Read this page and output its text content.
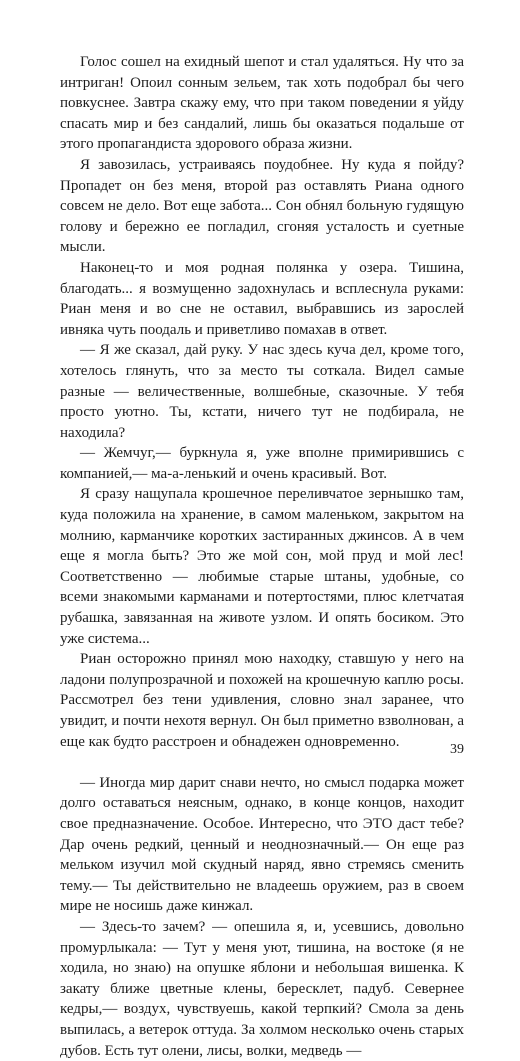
Голос сошел на ехидный шепот и стал удаляться. Ну что за интриган! Опоил сонным зельем, так хоть подобрал бы чего повкуснее. Завтра скажу ему, что при таком поведении я уйду спасать мир и без сандалий, лишь бы оказаться подальше от этого пропагандиста здорового образа жизни.

Я завозилась, устраиваясь поудобнее. Ну куда я пойду? Пропадет он без меня, второй раз оставлять Риана одного совсем не дело. Вот еще забота... Сон обнял больную гудящую голову и бережно ее погладил, сгоняя усталость и суетные мысли.

Наконец-то и моя родная полянка у озера. Тишина, благодать... я возмущенно задохнулась и всплеснула руками: Риан меня и во сне не оставил, выбравшись из зарослей ивняка чуть поодаль и приветливо помахав в ответ.

— Я же сказал, дай руку. У нас здесь куча дел, кроме того, хотелось глянуть, что за место ты соткала. Видел самые разные — величественные, волшебные, сказочные. У тебя просто уютно. Ты, кстати, ничего тут не подбирала, не находила?

— Жемчуг,— буркнула я, уже вполне примирившись с компанией,— ма-а-ленький и очень красивый. Вот.

Я сразу нащупала крошечное переливчатое зернышко там, куда положила на хранение, в самом маленьком, закрытом на молнию, карманчике коротких застиранных джинсов. А в чем еще я могла быть? Это же мой сон, мой пруд и мой лес! Соответственно — любимые старые штаны, удобные, со всеми знакомыми карманами и потертостями, плюс клетчатая рубашка, завязанная на животе узлом. И опять босиком. Это уже система...

Риан осторожно принял мою находку, ставшую у него на ладони полупрозрачной и похожей на крошечную каплю росы. Рассмотрел без тени удивления, словно знал заранее, что увидит, и почти нехотя вернул. Он был приметно взволнован, а еще как будто расстроен и обнадежен одновременно.

— Иногда мир дарит снави нечто, но смысл подарка может долго оставаться неясным, однако, в конце концов, находит свое предназначение. Особое. Интересно, что ЭТО даст тебе? Дар очень редкий, ценный и неоднозначный.— Он еще раз мельком изучил мой скудный наряд, явно стремясь сменить тему.— Ты действительно не владеешь оружием, раз в своем мире не носишь даже кинжал.

— Здесь-то зачем? — опешила я, и, усевшись, довольно промурлыкала: — Тут у меня уют, тишина, на востоке (я не ходила, но знаю) на опушке яблони и небольшая вишенка. К закату ближе цветные клены, бересклет, падуб. Севернее кедры,— воздух, чувствуешь, какой терпкий? Смола за день выпилась, а ветерок оттуда. За холмом несколько очень старых дубов. Есть тут олени, лисы, волки, медведь —

39
